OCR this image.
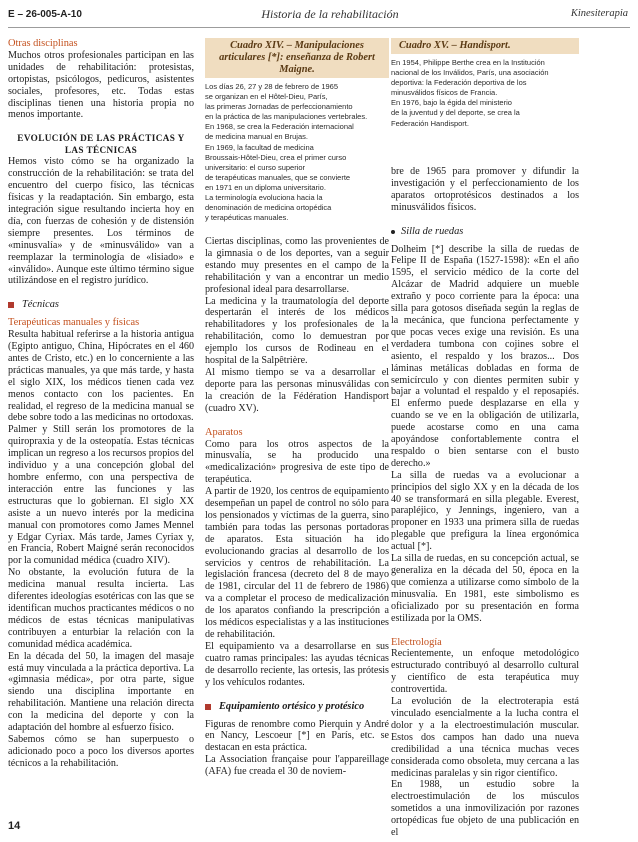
E – 26-005-A-10	Historia de la rehabilitación	Kinesiterapia

Otras disciplinas

Muchos otros profesionales participan en las unidades de rehabilitación: protesistas, ortopistas, psicólogos, pedicuros, asistentes sociales, profesores, etc. Todas estas disciplinas tienen una historia propia no menos importante.

EVOLUCIÓN DE LAS PRÁCTICAS Y LAS TÉCNICAS

Hemos visto cómo se ha organizado la construcción de la rehabilitación: se trata del encuentro del cuerpo físico, las técnicas físicas y la readaptación. Sin embargo, esta integración sigue resultando incierta hoy en día, con fuerzas de cohesión y de distensión siempre presentes. Los términos de «minusvalía» y de «minusválido» van a reemplazar la terminología de «lisiado» e «inválido». Aunque este último término sigue utilizándose en el registro jurídico.

Técnicas

Terapéuticas manuales y físicas

Resulta habitual referirse a la historia antigua (Egipto antiguo, China, Hipócrates en el 460 antes de Cristo, etc.) en lo concerniente a las prácticas manuales, ya que más tarde, y hasta el siglo XIX, los médicos tienen cada vez menos contacto con los pacientes. En realidad, el regreso de la medicina manual se debe sobre todo a las medicinas no ortodoxas.

Palmer y Still serán los promotores de la quiropraxia y de la osteopatía. Estas técnicas implican un regreso a los recursos propios del individuo y a una concepción global del hombre enfermo, con una perspectiva de interacción entre las funciones y las estructuras que lo gobiernan. El siglo XX asiste a un nuevo interés por la medicina manual con promotores como James Mennel y Edgar Cyriax. Más tarde, James Cyriax y, en Francia, Robert Maigné serán reconocidos por la comunidad médica (cuadro XIV).

No obstante, la evolución futura de la medicina manual resulta incierta. Las diferentes ideologías esotéricas con las que se identifican muchos practicantes médicos o no médicos de estas técnicas manipulativas contribuyen a enturbiar la relación con la comunidad médica académica.

En la década del 50, la imagen del masaje está muy vinculada a la práctica deportiva. La «gimnasia médica», por otra parte, sigue siendo una disciplina importante en rehabilitación. Mantiene una relación directa con la medicina del deporte y con la adaptación del hombre al esfuerzo físico.

Sabemos cómo se han superpuesto o adicionado poco a poco los diversos aportes técnicos a la rehabilitación.

Cuadro XIV. – Manipulaciones articulares [*]: enseñanza de Robert Maigne.

Los días 26, 27 y 28 de febrero de 1965

se organizan en el Hôtel-Dieu, París,

las primeras Jornadas de perfeccionamiento

en la práctica de las manipulaciones vertebrales.

En 1968, se crea la Federación internacional

de medicina manual en Brujas.

En 1969, la facultad de medicina

Broussais-Hôtel-Dieu, crea el primer curso

universitario: el curso superior

de terapéuticas manuales, que se convierte

en 1971 en un diploma universitario.

La terminología evoluciona hacia la

denominación de medicina ortopédica

y terapéuticas manuales.

Cuadro XV. – Handisport.

En 1954, Philippe Berthe crea en la Institución

nacional de los Inválidos, París, una asociación

deportiva: la Federación deportiva de los

minusválidos físicos de Francia.

En 1976, bajo la égida del ministerio

de la juventud y del deporte, se crea la

Federación Handisport.

Ciertas disciplinas, como las provenientes de la gimnasia o de los deportes, van a seguir estando muy presentes en el campo de la rehabilitación y van a encontrar un medio profesional ideal para desarrollarse.

La medicina y la traumatología del deporte despertarán el interés de los médicos rehabilitadores y los profesionales de la rehabilitación, como lo demuestran por ejemplo los cursos de Rodineau en el hospital de la Salpêtrière.

Al mismo tiempo se va a desarrollar el deporte para las personas minusválidas con la creación de la Fédération Handisport (cuadro XV).

Aparatos

Como para los otros aspectos de la minusvalía, se ha producido una «medicalización» progresiva de este tipo de terapéutica.

A partir de 1920, los centros de equipamiento desempeñan un papel de control no sólo para los pensionados y víctimas de la guerra, sino también para todas las personas portadoras de aparatos. Esta situación ha ido evolucionando gracias al desarrollo de los servicios y centros de rehabilitación. La legislación francesa (decreto del 8 de mayo de 1981, circular del 11 de febrero de 1986) va a completar el proceso de medicalización de los aparatos confiando la prescripción a los médicos especialistas y a las instituciones de rehabilitación.

El equipamiento va a desarrollarse en sus cuatro ramas principales: las ayudas técnicas de desarrollo reciente, las ortesis, las prótesis y los vehículos rodantes.

Equipamiento ortésico y protésico

Figuras de renombre como Pierquin y André en Nancy, Lescoeur [*] en París, etc. se destacan en esta práctica.

La Association française pour l'appareillage (AFA) fue creada el 30 de noviem-

bre de 1965 para promover y difundir la investigación y el perfeccionamiento de los aparatos ortoprotésicos destinados a los minusválidos físicos.

Silla de ruedas

Dolheim [*] describe la silla de ruedas de Felipe II de España (1527-1598): «En el año 1595, el servicio médico de la corte del Alcázar de Madrid adquiere un mueble extraño y poco corriente para la época: una silla para gotosos diseñada según la reglas de la mecánica, que funciona perfectamente y que pocas veces exige una revisión. Es una verdadera tumbona con cojines sobre el asiento, el respaldo y los brazos... Dos láminas metálicas dobladas en forma de semicírculo y con dientes permiten subir y bajar a voluntad el respaldo y el reposapiés. El enfermo puede desplazarse en ella y cuando se ve en la obligación de utilizarla, puede acostarse como en una cama apoyándose confortablemente contra el respaldo o bien sentarse con el busto derecho.»

La silla de ruedas va a evolucionar a principios del siglo XX y en la década de los 40 se transformará en silla plegable. Everest, parapléjico, y Jennings, ingeniero, van a proponer en 1933 una primera silla de ruedas plegable que prefigura la línea ergonómica actual [*].

La silla de ruedas, en su concepción actual, se generaliza en la década del 50, época en la que comienza a utilizarse como símbolo de la minusvalía. En 1981, este simbolismo es oficializado por su presentación en forma estilizada por la OMS.

Electrología

Recientemente, un enfoque metodológico estructurado contribuyó al desarrollo cultural y científico de esta terapéutica muy controvertida.

La evolución de la electroterapia está vinculado esencialmente a la lucha contra el dolor y a la electroestimulación muscular. Estos dos campos han dado una nueva credibilidad a una técnica muchas veces considerada como obsoleta, muy cercana a las medicinas paralelas y sin rigor científico.

En 1988, un estudio sobre la electroestimulación de los músculos sometidos a una inmovilización por razones ortopédicas fue objeto de una publicación en el

14
